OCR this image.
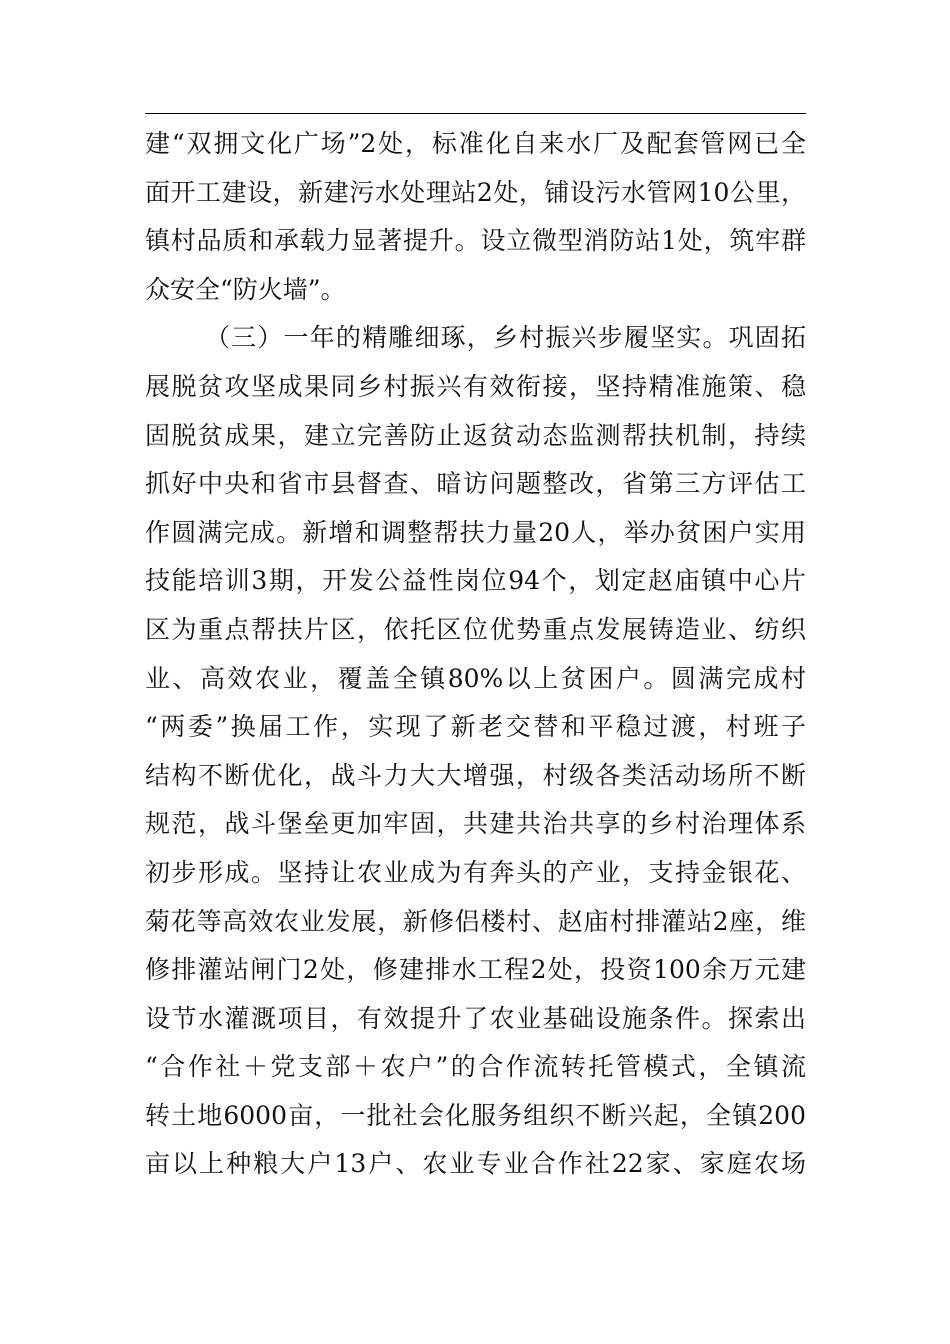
建“双拥文化广场”2处，标准化自来水厂及配套管网已全
面开工建设，新建污水处理站2处，铺设污水管网10公里，
镇村品质和承载力显著提升。设立微型消防站1处，筑牢群
众安全“防火墙”。
（三）一年的精雕细琢，乡村振兴步履坚实。巩固拓
展脱贫攻坚成果同乡村振兴有效衔接，坚持精准施策、稳
固脱贫成果，建立完善防止返贫动态监测帮扶机制，持续
抓好中央和省市县督查、暗访问题整改，省第三方评估工
作圆满完成。新增和调整帮扶力量20人，举办贫困户实用
技能培训3期，开发公益性岗位94个，划定赵庙镇中心片
区为重点帮扶片区，依托区位优势重点发展铸造业、纺织
业、高效农业，覆盖全镇80%以上贫困户。圆满完成村
“两委”换届工作，实现了新老交替和平稳过渡，村班子
结构不断优化，战斗力大大增强，村级各类活动场所不断
规范，战斗堡垒更加牢固，共建共治共享的乡村治理体系
初步形成。坚持让农业成为有奔头的产业，支持金银花、
菊花等高效农业发展，新修侣楼村、赵庙村排灌站2座，维
修排灌站闸门2处，修建排水工程2处，投资100余万元建
设节水灌溉项目，有效提升了农业基础设施条件。探索出
“合作社＋党支部＋农户”的合作流转托管模式，全镇流
转土地6000亩，一批社会化服务组织不断兴起，全镇200
亩以上种粮大户13户、农业专业合作社22家、家庭农场
